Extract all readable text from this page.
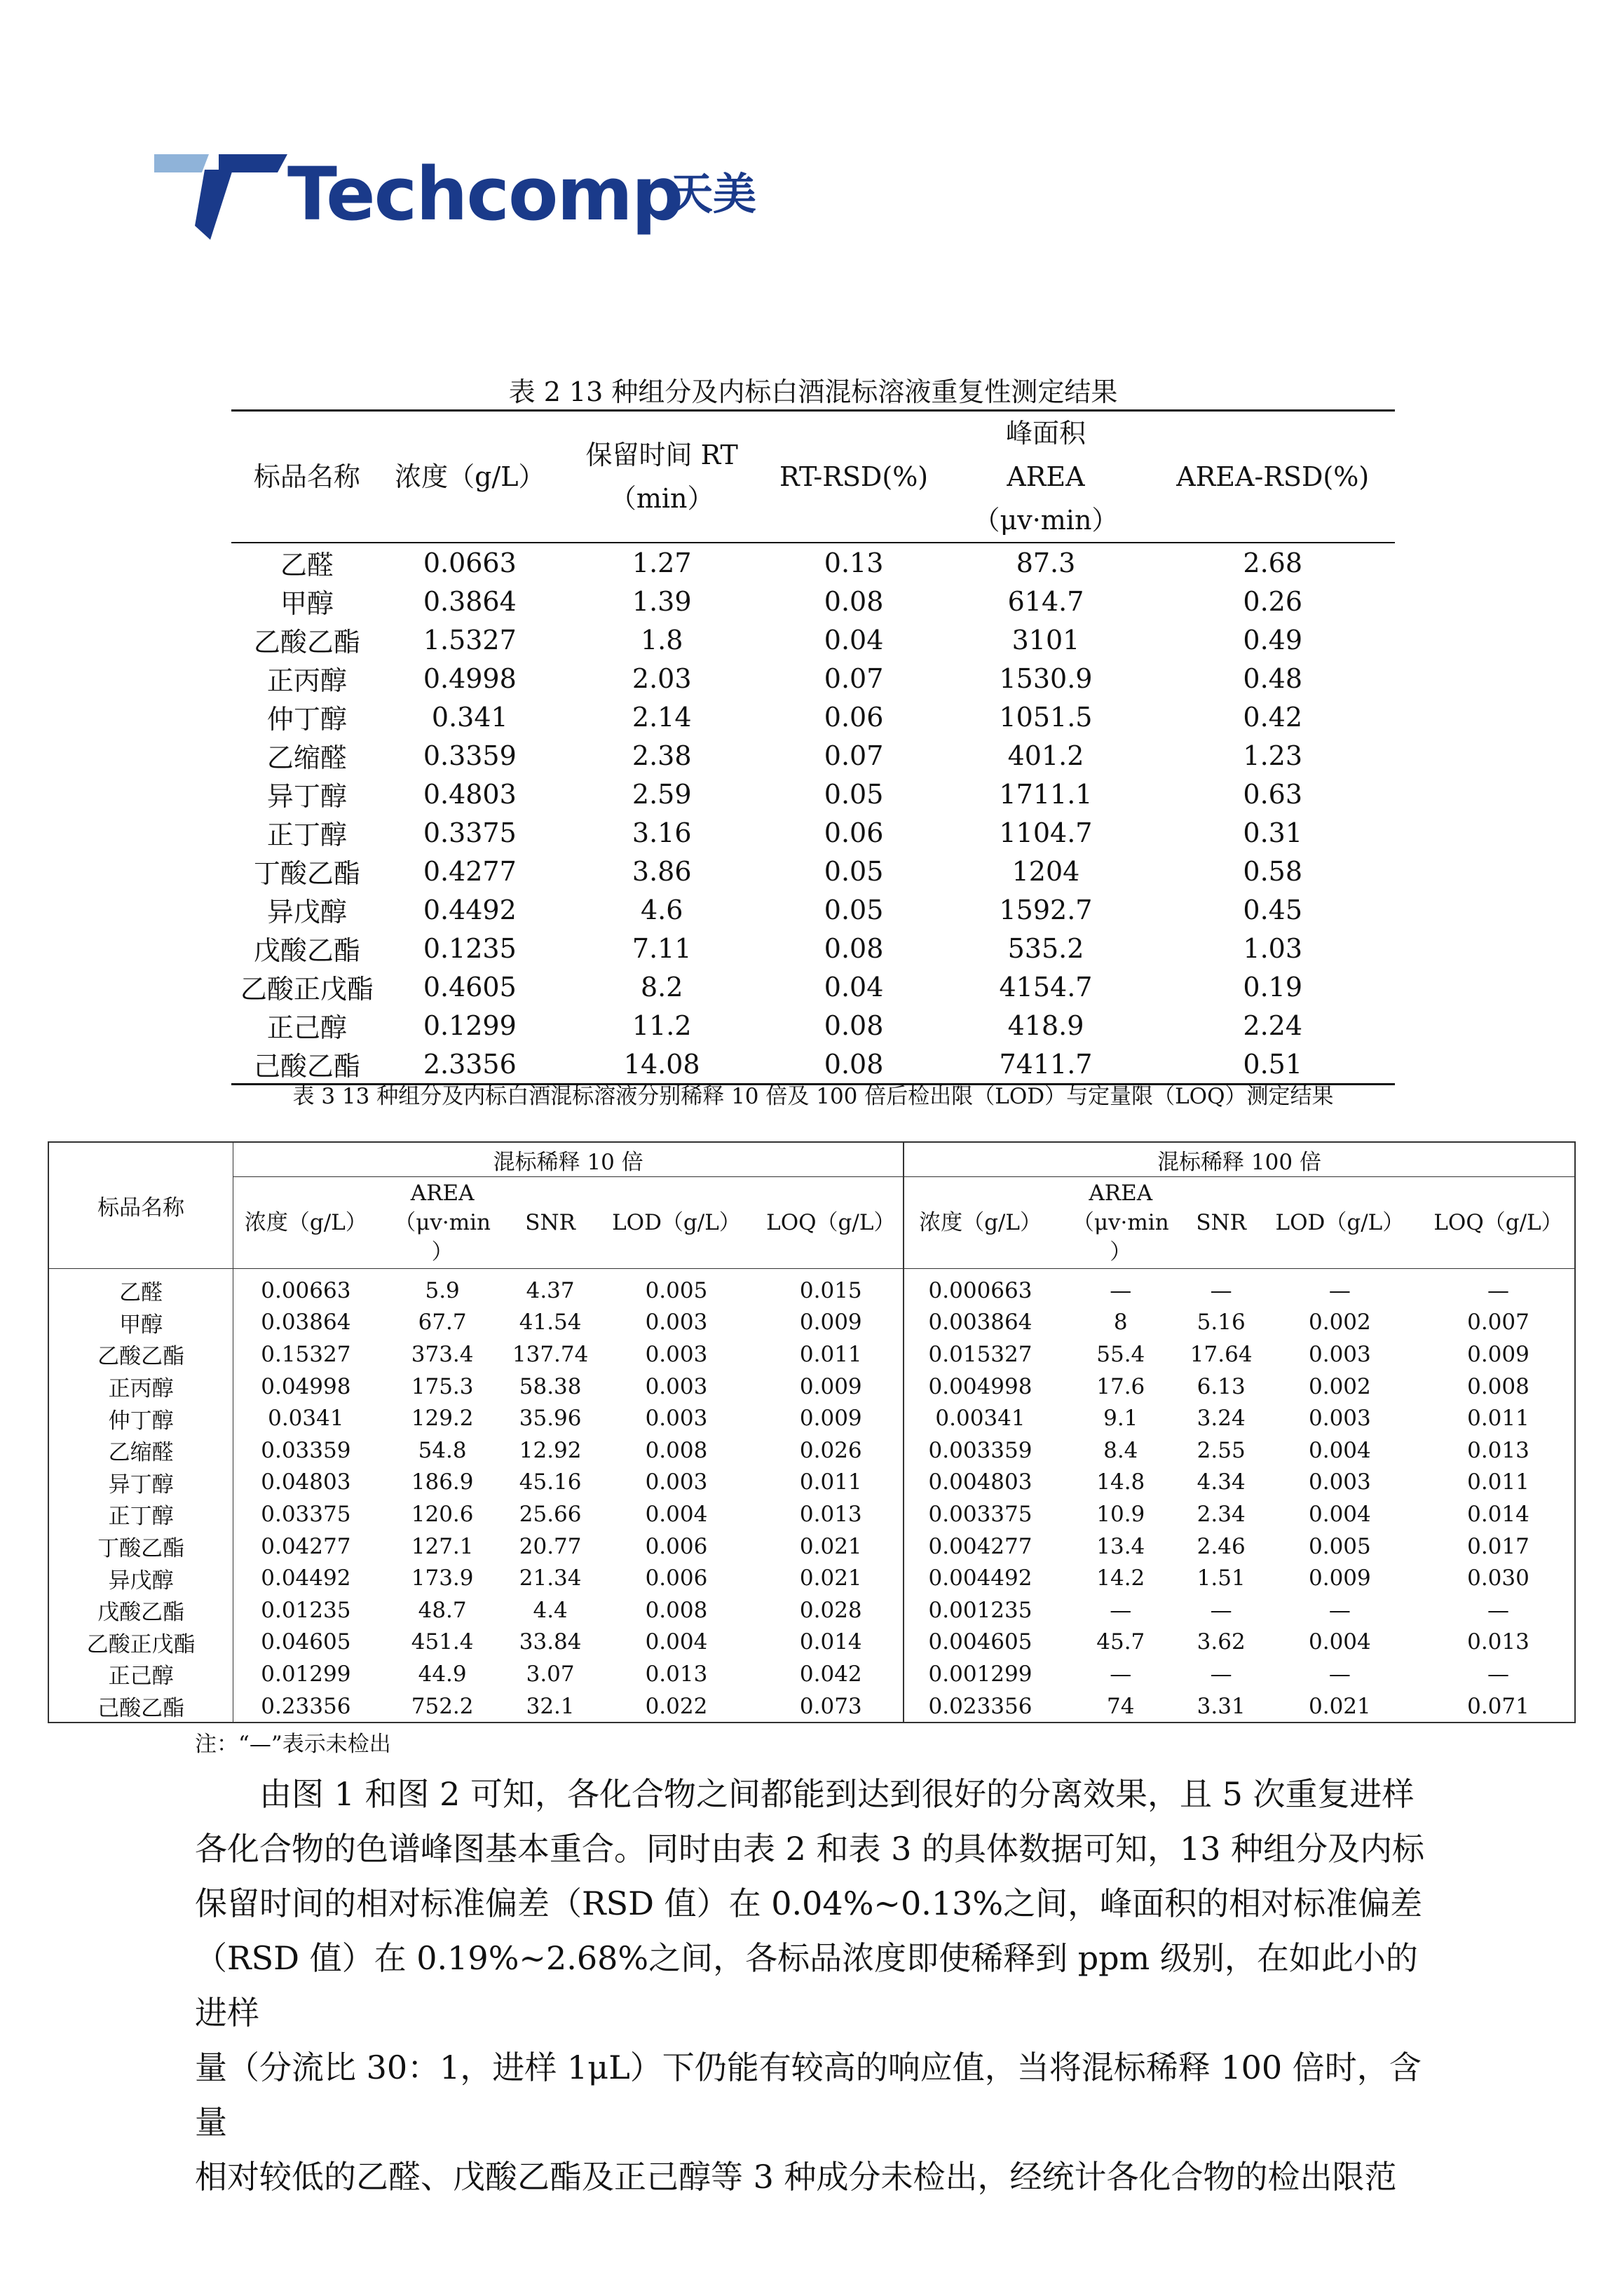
Techcomp
天美
表 2 13 种组分及内标白酒混标溶液重复性测定结果
标品名称	浓度（g/L）	保留时间 RT
（min）	RT-RSD(%)	峰面积
AREA
（μv·min）	AREA-RSD(%)
乙醛	0.0663	1.27	0.13	87.3	2.68
甲醇	0.3864	1.39	0.08	614.7	0.26
乙酸乙酯	1.5327	1.8	0.04	3101	0.49
正丙醇	0.4998	2.03	0.07	1530.9	0.48
仲丁醇	0.341	2.14	0.06	1051.5	0.42
乙缩醛	0.3359	2.38	0.07	401.2	1.23
异丁醇	0.4803	2.59	0.05	1711.1	0.63
正丁醇	0.3375	3.16	0.06	1104.7	0.31
丁酸乙酯	0.4277	3.86	0.05	1204	0.58
异戊醇	0.4492	4.6	0.05	1592.7	0.45
戊酸乙酯	0.1235	7.11	0.08	535.2	1.03
乙酸正戊酯	0.4605	8.2	0.04	4154.7	0.19
正己醇	0.1299	11.2	0.08	418.9	2.24
己酸乙酯	2.3356	14.08	0.08	7411.7	0.51
表 3 13 种组分及内标白酒混标溶液分别稀释 10 倍及 100 倍后检出限（LOD）与定量限（LOQ）测定结果
标品名称	混标稀释 10 倍					混标稀释 100 倍				
	浓度（g/L）	AREA
（μv·min
）	SNR	LOD（g/L）	LOQ（g/L）	浓度（g/L）	AREA
（μv·min
）	SNR	LOD（g/L）	LOQ（g/L）
乙醛	0.00663	5.9	4.37	0.005	0.015	0.000663	—	—	—	—
甲醇	0.03864	67.7	41.54	0.003	0.009	0.003864	8	5.16	0.002	0.007
乙酸乙酯	0.15327	373.4	137.74	0.003	0.011	0.015327	55.4	17.64	0.003	0.009
正丙醇	0.04998	175.3	58.38	0.003	0.009	0.004998	17.6	6.13	0.002	0.008
仲丁醇	0.0341	129.2	35.96	0.003	0.009	0.00341	9.1	3.24	0.003	0.011
乙缩醛	0.03359	54.8	12.92	0.008	0.026	0.003359	8.4	2.55	0.004	0.013
异丁醇	0.04803	186.9	45.16	0.003	0.011	0.004803	14.8	4.34	0.003	0.011
正丁醇	0.03375	120.6	25.66	0.004	0.013	0.003375	10.9	2.34	0.004	0.014
丁酸乙酯	0.04277	127.1	20.77	0.006	0.021	0.004277	13.4	2.46	0.005	0.017
异戊醇	0.04492	173.9	21.34	0.006	0.021	0.004492	14.2	1.51	0.009	0.030
戊酸乙酯	0.01235	48.7	4.4	0.008	0.028	0.001235	—	—	—	—
乙酸正戊酯	0.04605	451.4	33.84	0.004	0.014	0.004605	45.7	3.62	0.004	0.013
正己醇	0.01299	44.9	3.07	0.013	0.042	0.001299	—	—	—	—
己酸乙酯	0.23356	752.2	32.1	0.022	0.073	0.023356	74	3.31	0.021	0.071
注：“—”表示未检出

由图 1 和图 2 可知，各化合物之间都能到达到很好的分离效果，且 5 次重复进样

各化合物的色谱峰图基本重合。同时由表 2 和表 3 的具体数据可知，13 种组分及内标

保留时间的相对标准偏差（RSD 值）在 0.04%~0.13%之间，峰面积的相对标准偏差

（RSD 值）在 0.19%~2.68%之间，各标品浓度即使稀释到 ppm 级别，在如此小的进样

量（分流比 30：1，进样 1μL）下仍能有较高的响应值，当将混标稀释 100 倍时，含量

相对较低的乙醛、戊酸乙酯及正己醇等 3 种成分未检出，经统计各化合物的检出限范
